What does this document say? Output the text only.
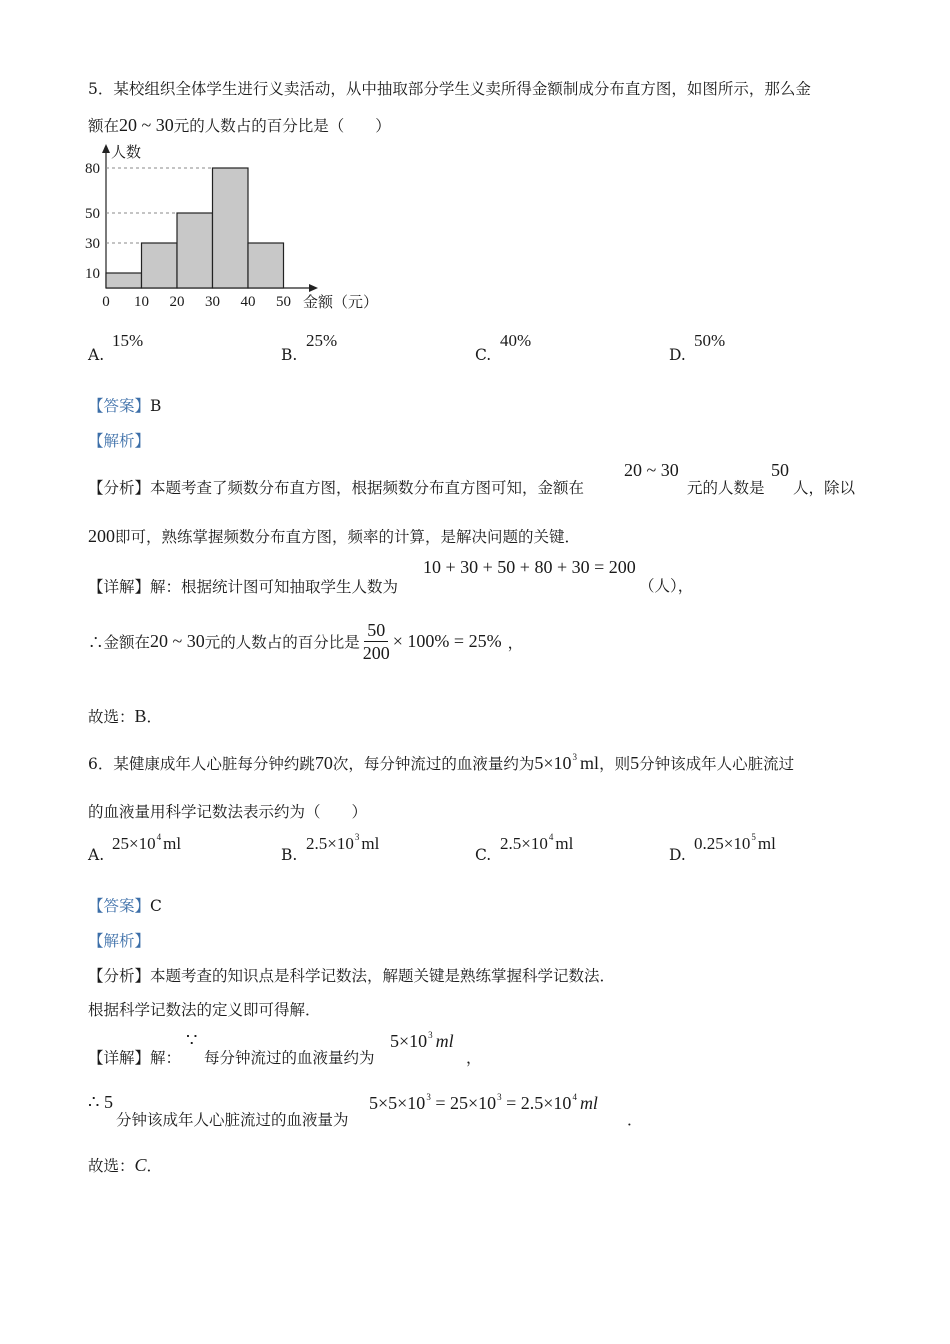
5．某校组织全体学生进行义卖活动，从中抽取部分学生义卖所得金额制成分布直方图，如图所示，那么金
额在20 ~ 30元的人数占的百分比是（　　）
10
30
50
80
0 10 20 30 40 50
人数
金额（元）
A.
15%
B.
25%
C.
40%
D.
50%
【答案】B
【解析】
【分析】本题考查了频数分布直方图，根据频数分布直方图可知，金额在
20 ~ 30
元的人数是
50
人，除以
200即可，熟练掌握频数分布直方图，频率的计算，是解决问题的关键．
【详解】解：根据统计图可知抽取学生人数为
10 + 30 + 50 + 80 + 30 = 200
（人），
∴金额在20 ~ 30元的人数占的百分比是 $\frac{50}{200} \times 100\% = 25\%$ ，
故选：B．
6．某健康成年人心脏每分钟约跳70次，每分钟流过的血液量约为$5\times 10^3$ ml，则5分钟该成年人心脏流过
的血液量用科学记数法表示约为（　　）
A.
$25\times 10^4$ ml
B.
$2.5\times 10^3$ ml
C.
$2.5\times 10^4$ ml
D.
$0.25\times 10^5$ ml
【答案】C
【解析】
【分析】本题考查的知识点是科学记数法，解题关键是熟练掌握科学记数法．
根据科学记数法的定义即可得解．
【详解】解：
∵
每分钟流过的血液量约为
$5\times 10^3$ ml
，
∴ 5
分钟该成年人心脏流过的血液量为
$5\times 5\times 10^3 = 25\times 10^3 = 2.5\times 10^4$ ml
．
故选：C．
